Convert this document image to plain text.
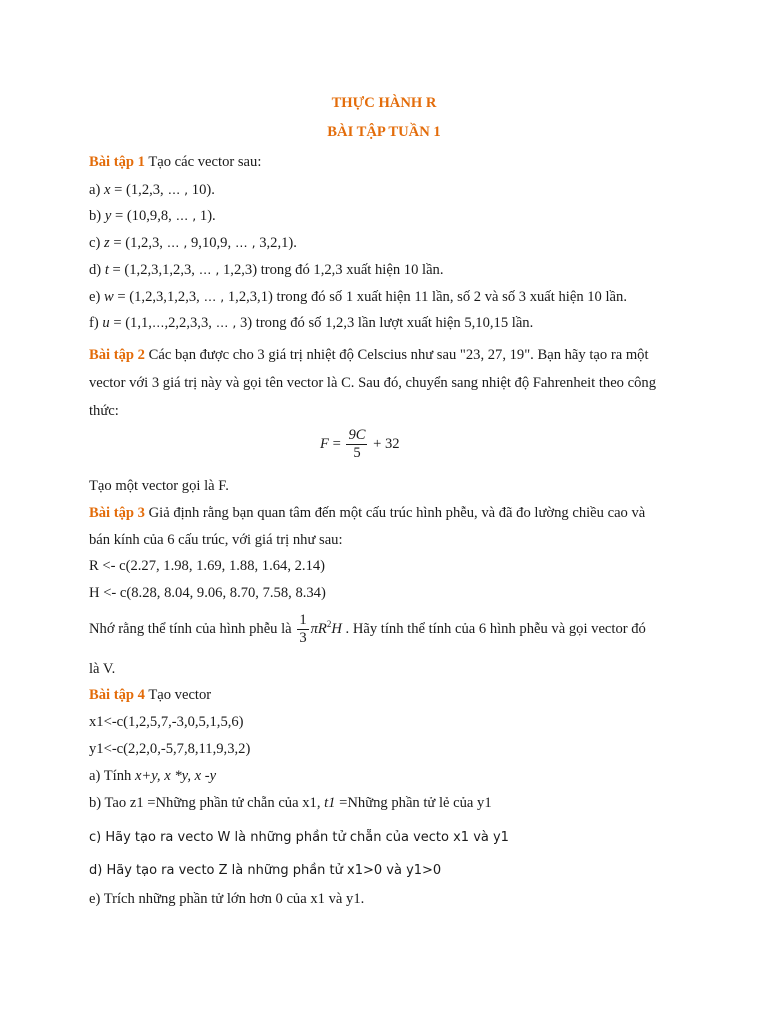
THỰC HÀNH R
BÀI TẬP TUẦN 1
Bài tập 1 Tạo các vector sau:
a) x = (1,2,3, … , 10).
b) y = (10,9,8, … , 1).
c) z = (1,2,3, … , 9,10,9, … , 3,2,1).
d) t = (1,2,3,1,2,3, … , 1,2,3) trong đó 1,2,3 xuất hiện 10 lần.
e) w = (1,2,3,1,2,3, … , 1,2,3,1) trong đó số 1 xuất hiện 11 lần, số 2 và số 3 xuất hiện 10 lần.
f) u = (1,1,…,2,2,3,3, … , 3) trong đó số 1,2,3 lần lượt xuất hiện 5,10,15 lần.
Bài tập 2 Các bạn được cho 3 giá trị nhiệt độ Celscius như sau "23, 27, 19". Bạn hãy tạo ra một
vector với 3 giá trị này và gọi tên vector là C. Sau đó, chuyển sang nhiệt độ Fahrenheit theo công
thức:
$F = \frac{9C}{5} + 32$
Tạo một vector gọi là F.
Bài tập 3 Giả định rằng bạn quan tâm đến một cấu trúc hình phễu, và đã đo lường chiều cao và
bán kính của 6 cấu trúc, với giá trị như sau:
R <- c(2.27, 1.98, 1.69, 1.88, 1.64, 2.14)
H <- c(8.28, 8.04, 9.06, 8.70, 7.58, 8.34)
Nhớ rằng thể tính của hình phễu là $\frac{1}{3} \pi R^2H$ . Hãy tính thể tính của 6 hình phễu và gọi vector đó
là V.
Bài tập 4 Tạo vector
x1<-c(1,2,5,7,-3,0,5,1,5,6)
y1<-c(2,2,0,-5,7,8,11,9,3,2)
a) Tính x+y, x *y, x -y
b) Tao z1 =Những phần tử chẵn của x1, t1 =Những phần tử lẻ của y1
c) Hãy tạo ra vecto W là những phần tử chẵn của vecto x1 và y1
d) Hãy tạo ra vecto Z là những phần tử x1>0 và y1>0
e) Trích những phần tử lớn hơn 0 của x1 và y1.
